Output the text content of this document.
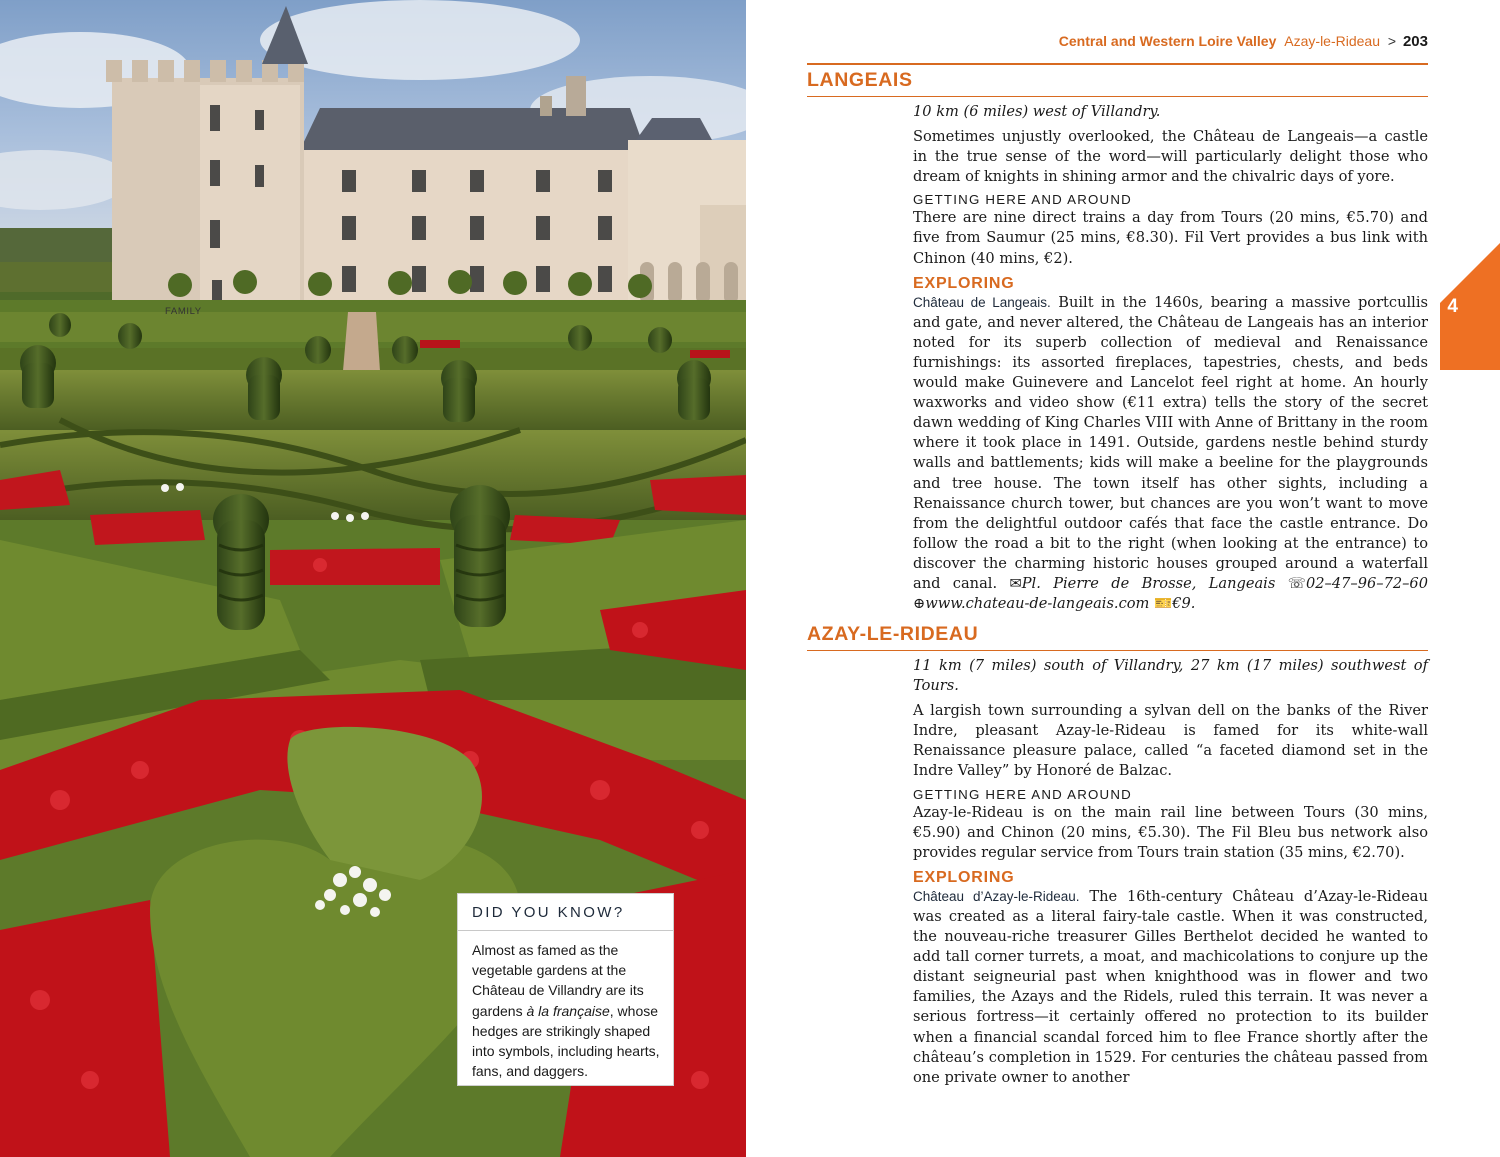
DID YOU KNOW?
Almost as famed as the vegetable gardens at the Château de Villandry are its gardens à la française, whose hedges are strikingly shaped into symbols, including hearts, fans, and daggers.
Central and Western Loire Valley Azay-le-Rideau > 203
LANGEAIS

10 km (6 miles) west of Villandry.

Sometimes unjustly overlooked, the Château de Langeais—a castle in the true sense of the word—will particularly delight those who dream of knights in shining armor and the chivalric days of yore.

GETTING HERE AND AROUND

There are nine direct trains a day from Tours (20 mins, €5.70) and five from Saumur (25 mins, €8.30). Fil Vert provides a bus link with Chinon (40 mins, €2).

EXPLORING

Château de Langeais. Built in the 1460s, bearing a massive portcullis and gate, and never altered, the Château de Langeais has an interior noted for its superb collection of medieval and Renaissance furnishings: its assorted fireplaces, tapestries, chests, and beds would make Guinevere and Lancelot feel right at home. An hourly waxworks and video show (€11 extra) tells the story of the secret dawn wedding of King Charles VIII with Anne of Brittany in the room where it took place in 1491. Outside, gardens nestle behind sturdy walls and battlements; kids will make a beeline for the playgrounds and tree house. The town itself has other sights, including a Renaissance church tower, but chances are you won’t want to move from the delightful outdoor cafés that face the castle entrance. Do follow the road a bit to the right (when looking at the entrance) to discover the charming historic houses grouped around a waterfall and canal. ✉Pl. Pierre de Brosse, Langeais ☏02–47–96–72–60 ⊕www.chateau-de-langeais.com 🎫€9.

AZAY-LE-RIDEAU

11 km (7 miles) south of Villandry, 27 km (17 miles) southwest of Tours.

A largish town surrounding a sylvan dell on the banks of the River Indre, pleasant Azay-le-Rideau is famed for its white-wall Renaissance pleasure palace, called “a faceted diamond set in the Indre Valley” by Honoré de Balzac.

GETTING HERE AND AROUND

Azay-le-Rideau is on the main rail line between Tours (30 mins, €5.90) and Chinon (20 mins, €5.30). The Fil Bleu bus network also provides regular service from Tours train station (35 mins, €2.70).

EXPLORING

Château d’Azay-le-Rideau. The 16th-century Château d’Azay-le-Rideau was created as a literal fairy-tale castle. When it was constructed, the nouveau-riche treasurer Gilles Berthelot decided he wanted to add tall corner turrets, a moat, and machicolations to conjure up the distant seigneurial past when knighthood was in flower and two families, the Azays and the Ridels, ruled this terrain. It was never a serious fortress—it certainly offered no protection to its builder when a financial scandal forced him to flee France shortly after the château’s completion in 1529. For centuries the château passed from one private owner to another

4
FAMILY
